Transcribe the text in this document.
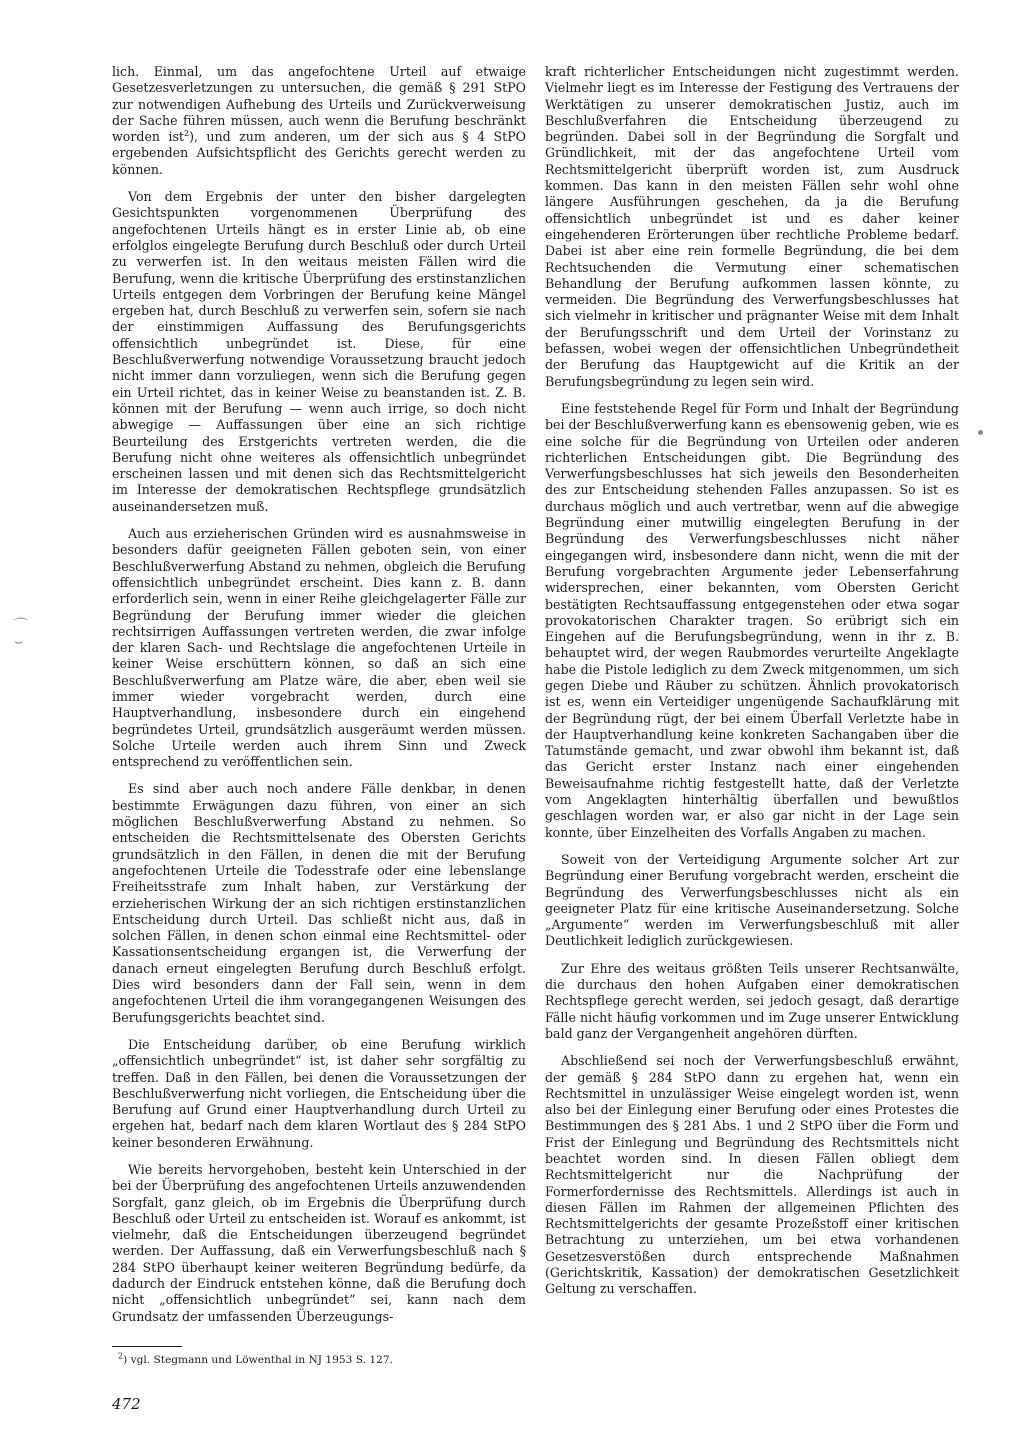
⌒
⌣

lich. Einmal, um das angefochtene Urteil auf etwaige Gesetzesverletzungen zu untersuchen, die gemäß § 291 StPO zur notwendigen Aufhebung des Urteils und Zurückverweisung der Sache führen müssen, auch wenn die Berufung beschränkt worden ist$^2$), und zum anderen, um der sich aus § 4 StPO ergebenden Aufsichtspflicht des Gerichts gerecht werden zu können.

Von dem Ergebnis der unter den bisher dargelegten Gesichtspunkten vorgenommenen Überprüfung des angefochtenen Urteils hängt es in erster Linie ab, ob eine erfolglos eingelegte Berufung durch Beschluß oder durch Urteil zu verwerfen ist. In den weitaus meisten Fällen wird die Berufung, wenn die kritische Überprüfung des erstinstanzlichen Urteils entgegen dem Vorbringen der Berufung keine Mängel ergeben hat, durch Beschluß zu verwerfen sein, sofern sie nach der einstimmigen Auffassung des Berufungsgerichts offensichtlich unbegründet ist. Diese, für eine Beschlußverwerfung notwendige Voraussetzung braucht jedoch nicht immer dann vorzuliegen, wenn sich die Berufung gegen ein Urteil richtet, das in keiner Weise zu beanstanden ist. Z. B. können mit der Berufung — wenn auch irrige, so doch nicht abwegige — Auffassungen über eine an sich richtige Beurteilung des Erstgerichts vertreten werden, die die Berufung nicht ohne weiteres als offensichtlich unbegründet erscheinen lassen und mit denen sich das Rechtsmittelgericht im Interesse der demokratischen Rechtspflege grundsätzlich auseinandersetzen muß.

Auch aus erzieherischen Gründen wird es ausnahmsweise in besonders dafür geeigneten Fällen geboten sein, von einer Beschlußverwerfung Abstand zu nehmen, obgleich die Berufung offensichtlich unbegründet erscheint. Dies kann z. B. dann erforderlich sein, wenn in einer Reihe gleichgelagerter Fälle zur Begründung der Berufung immer wieder die gleichen rechtsirrigen Auffassungen vertreten werden, die zwar infolge der klaren Sach- und Rechtslage die angefochtenen Urteile in keiner Weise erschüttern können, so daß an sich eine Beschlußverwerfung am Platze wäre, die aber, eben weil sie immer wieder vorgebracht werden, durch eine Hauptverhandlung, insbesondere durch ein eingehend begründetes Urteil, grundsätzlich ausgeräumt werden müssen. Solche Urteile werden auch ihrem Sinn und Zweck entsprechend zu veröffentlichen sein.

Es sind aber auch noch andere Fälle denkbar, in denen bestimmte Erwägungen dazu führen, von einer an sich möglichen Beschlußverwerfung Abstand zu nehmen. So entscheiden die Rechtsmittelsenate des Obersten Gerichts grundsätzlich in den Fällen, in denen die mit der Berufung angefochtenen Urteile die Todesstrafe oder eine lebenslange Freiheitsstrafe zum Inhalt haben, zur Verstärkung der erzieherischen Wirkung der an sich richtigen erstinstanzlichen Entscheidung durch Urteil. Das schließt nicht aus, daß in solchen Fällen, in denen schon einmal eine Rechtsmittel- oder Kassationsentscheidung ergangen ist, die Verwerfung der danach erneut eingelegten Berufung durch Beschluß erfolgt. Dies wird besonders dann der Fall sein, wenn in dem angefochtenen Urteil die ihm vorangegangenen Weisungen des Berufungsgerichts beachtet sind.

Die Entscheidung darüber, ob eine Berufung wirklich „offensichtlich unbegründet“ ist, ist daher sehr sorgfältig zu treffen. Daß in den Fällen, bei denen die Voraussetzungen der Beschlußverwerfung nicht vorliegen, die Entscheidung über die Berufung auf Grund einer Hauptverhandlung durch Urteil zu ergehen hat, bedarf nach dem klaren Wortlaut des § 284 StPO keiner besonderen Erwähnung.

Wie bereits hervorgehoben, besteht kein Unterschied in der bei der Überprüfung des angefochtenen Urteils anzuwendenden Sorgfalt, ganz gleich, ob im Ergebnis die Überprüfung durch Beschluß oder Urteil zu entscheiden ist. Worauf es ankommt, ist vielmehr, daß die Entscheidungen überzeugend begründet werden. Der Auffassung, daß ein Verwerfungsbeschluß nach § 284 StPO überhaupt keiner weiteren Begründung bedürfe, da dadurch der Eindruck entstehen könne, daß die Berufung doch nicht „offensichtlich unbegründet“ sei, kann nach dem Grundsatz der umfassenden Überzeugungs-

kraft richterlicher Entscheidungen nicht zugestimmt werden. Vielmehr liegt es im Interesse der Festigung des Vertrauens der Werktätigen zu unserer demokratischen Justiz, auch im Beschlußverfahren die Entscheidung überzeugend zu begründen. Dabei soll in der Begründung die Sorgfalt und Gründlichkeit, mit der das angefochtene Urteil vom Rechtsmittelgericht überprüft worden ist, zum Ausdruck kommen. Das kann in den meisten Fällen sehr wohl ohne längere Ausführungen geschehen, da ja die Berufung offensichtlich unbegründet ist und es daher keiner eingehenderen Erörterungen über rechtliche Probleme bedarf. Dabei ist aber eine rein formelle Begründung, die bei dem Rechtsuchenden die Vermutung einer schematischen Behandlung der Berufung aufkommen lassen könnte, zu vermeiden. Die Begründung des Verwerfungsbeschlusses hat sich vielmehr in kritischer und prägnanter Weise mit dem Inhalt der Berufungsschrift und dem Urteil der Vorinstanz zu befassen, wobei wegen der offensichtlichen Unbegründetheit der Berufung das Hauptgewicht auf die Kritik an der Berufungsbegründung zu legen sein wird.

Eine feststehende Regel für Form und Inhalt der Begründung bei der Beschlußverwerfung kann es ebensowenig geben, wie es eine solche für die Begründung von Urteilen oder anderen richterlichen Entscheidungen gibt. Die Begründung des Verwerfungsbeschlusses hat sich jeweils den Besonderheiten des zur Entscheidung stehenden Falles anzupassen. So ist es durchaus möglich und auch vertretbar, wenn auf die abwegige Begründung einer mutwillig eingelegten Berufung in der Begründung des Verwerfungsbeschlusses nicht näher eingegangen wird, insbesondere dann nicht, wenn die mit der Berufung vorgebrachten Argumente jeder Lebenserfahrung widersprechen, einer bekannten, vom Obersten Gericht bestätigten Rechtsauffassung entgegenstehen oder etwa sogar provokatorischen Charakter tragen. So erübrigt sich ein Eingehen auf die Berufungsbegründung, wenn in ihr z. B. behauptet wird, der wegen Raubmordes verurteilte Angeklagte habe die Pistole lediglich zu dem Zweck mitgenommen, um sich gegen Diebe und Räuber zu schützen. Ähnlich provokatorisch ist es, wenn ein Verteidiger ungenügende Sachaufklärung mit der Begründung rügt, der bei einem Überfall Verletzte habe in der Hauptverhandlung keine konkreten Sachangaben über die Tatumstände gemacht, und zwar obwohl ihm bekannt ist, daß das Gericht erster Instanz nach einer eingehenden Beweisaufnahme richtig festgestellt hatte, daß der Verletzte vom Angeklagten hinterhältig überfallen und bewußtlos geschlagen worden war, er also gar nicht in der Lage sein konnte, über Einzelheiten des Vorfalls Angaben zu machen.

Soweit von der Verteidigung Argumente solcher Art zur Begründung einer Berufung vorgebracht werden, erscheint die Begründung des Verwerfungsbeschlusses nicht als ein geeigneter Platz für eine kritische Auseinandersetzung. Solche „Argumente“ werden im Verwerfungsbeschluß mit aller Deutlichkeit lediglich zurückgewiesen.

Zur Ehre des weitaus größten Teils unserer Rechtsanwälte, die durchaus den hohen Aufgaben einer demokratischen Rechtspflege gerecht werden, sei jedoch gesagt, daß derartige Fälle nicht häufig vorkommen und im Zuge unserer Entwicklung bald ganz der Vergangenheit angehören dürften.

Abschließend sei noch der Verwerfungsbeschluß erwähnt, der gemäß § 284 StPO dann zu ergehen hat, wenn ein Rechtsmittel in unzulässiger Weise eingelegt worden ist, wenn also bei der Einlegung einer Berufung oder eines Protestes die Bestimmungen des § 281 Abs. 1 und 2 StPO über die Form und Frist der Einlegung und Begründung des Rechtsmittels nicht beachtet worden sind. In diesen Fällen obliegt dem Rechtsmittelgericht nur die Nachprüfung der Formerfordernisse des Rechtsmittels. Allerdings ist auch in diesen Fällen im Rahmen der allgemeinen Pflichten des Rechtsmittelgerichts der gesamte Prozeßstoff einer kritischen Betrachtung zu unterziehen, um bei etwa vorhandenen Gesetzesverstößen durch entsprechende Maßnahmen (Gerichtskritik, Kassation) der demokratischen Gesetzlichkeit Geltung zu verschaffen.

$^2$) vgl. Stegmann und Löwenthal in NJ 1953 S. 127.
472
